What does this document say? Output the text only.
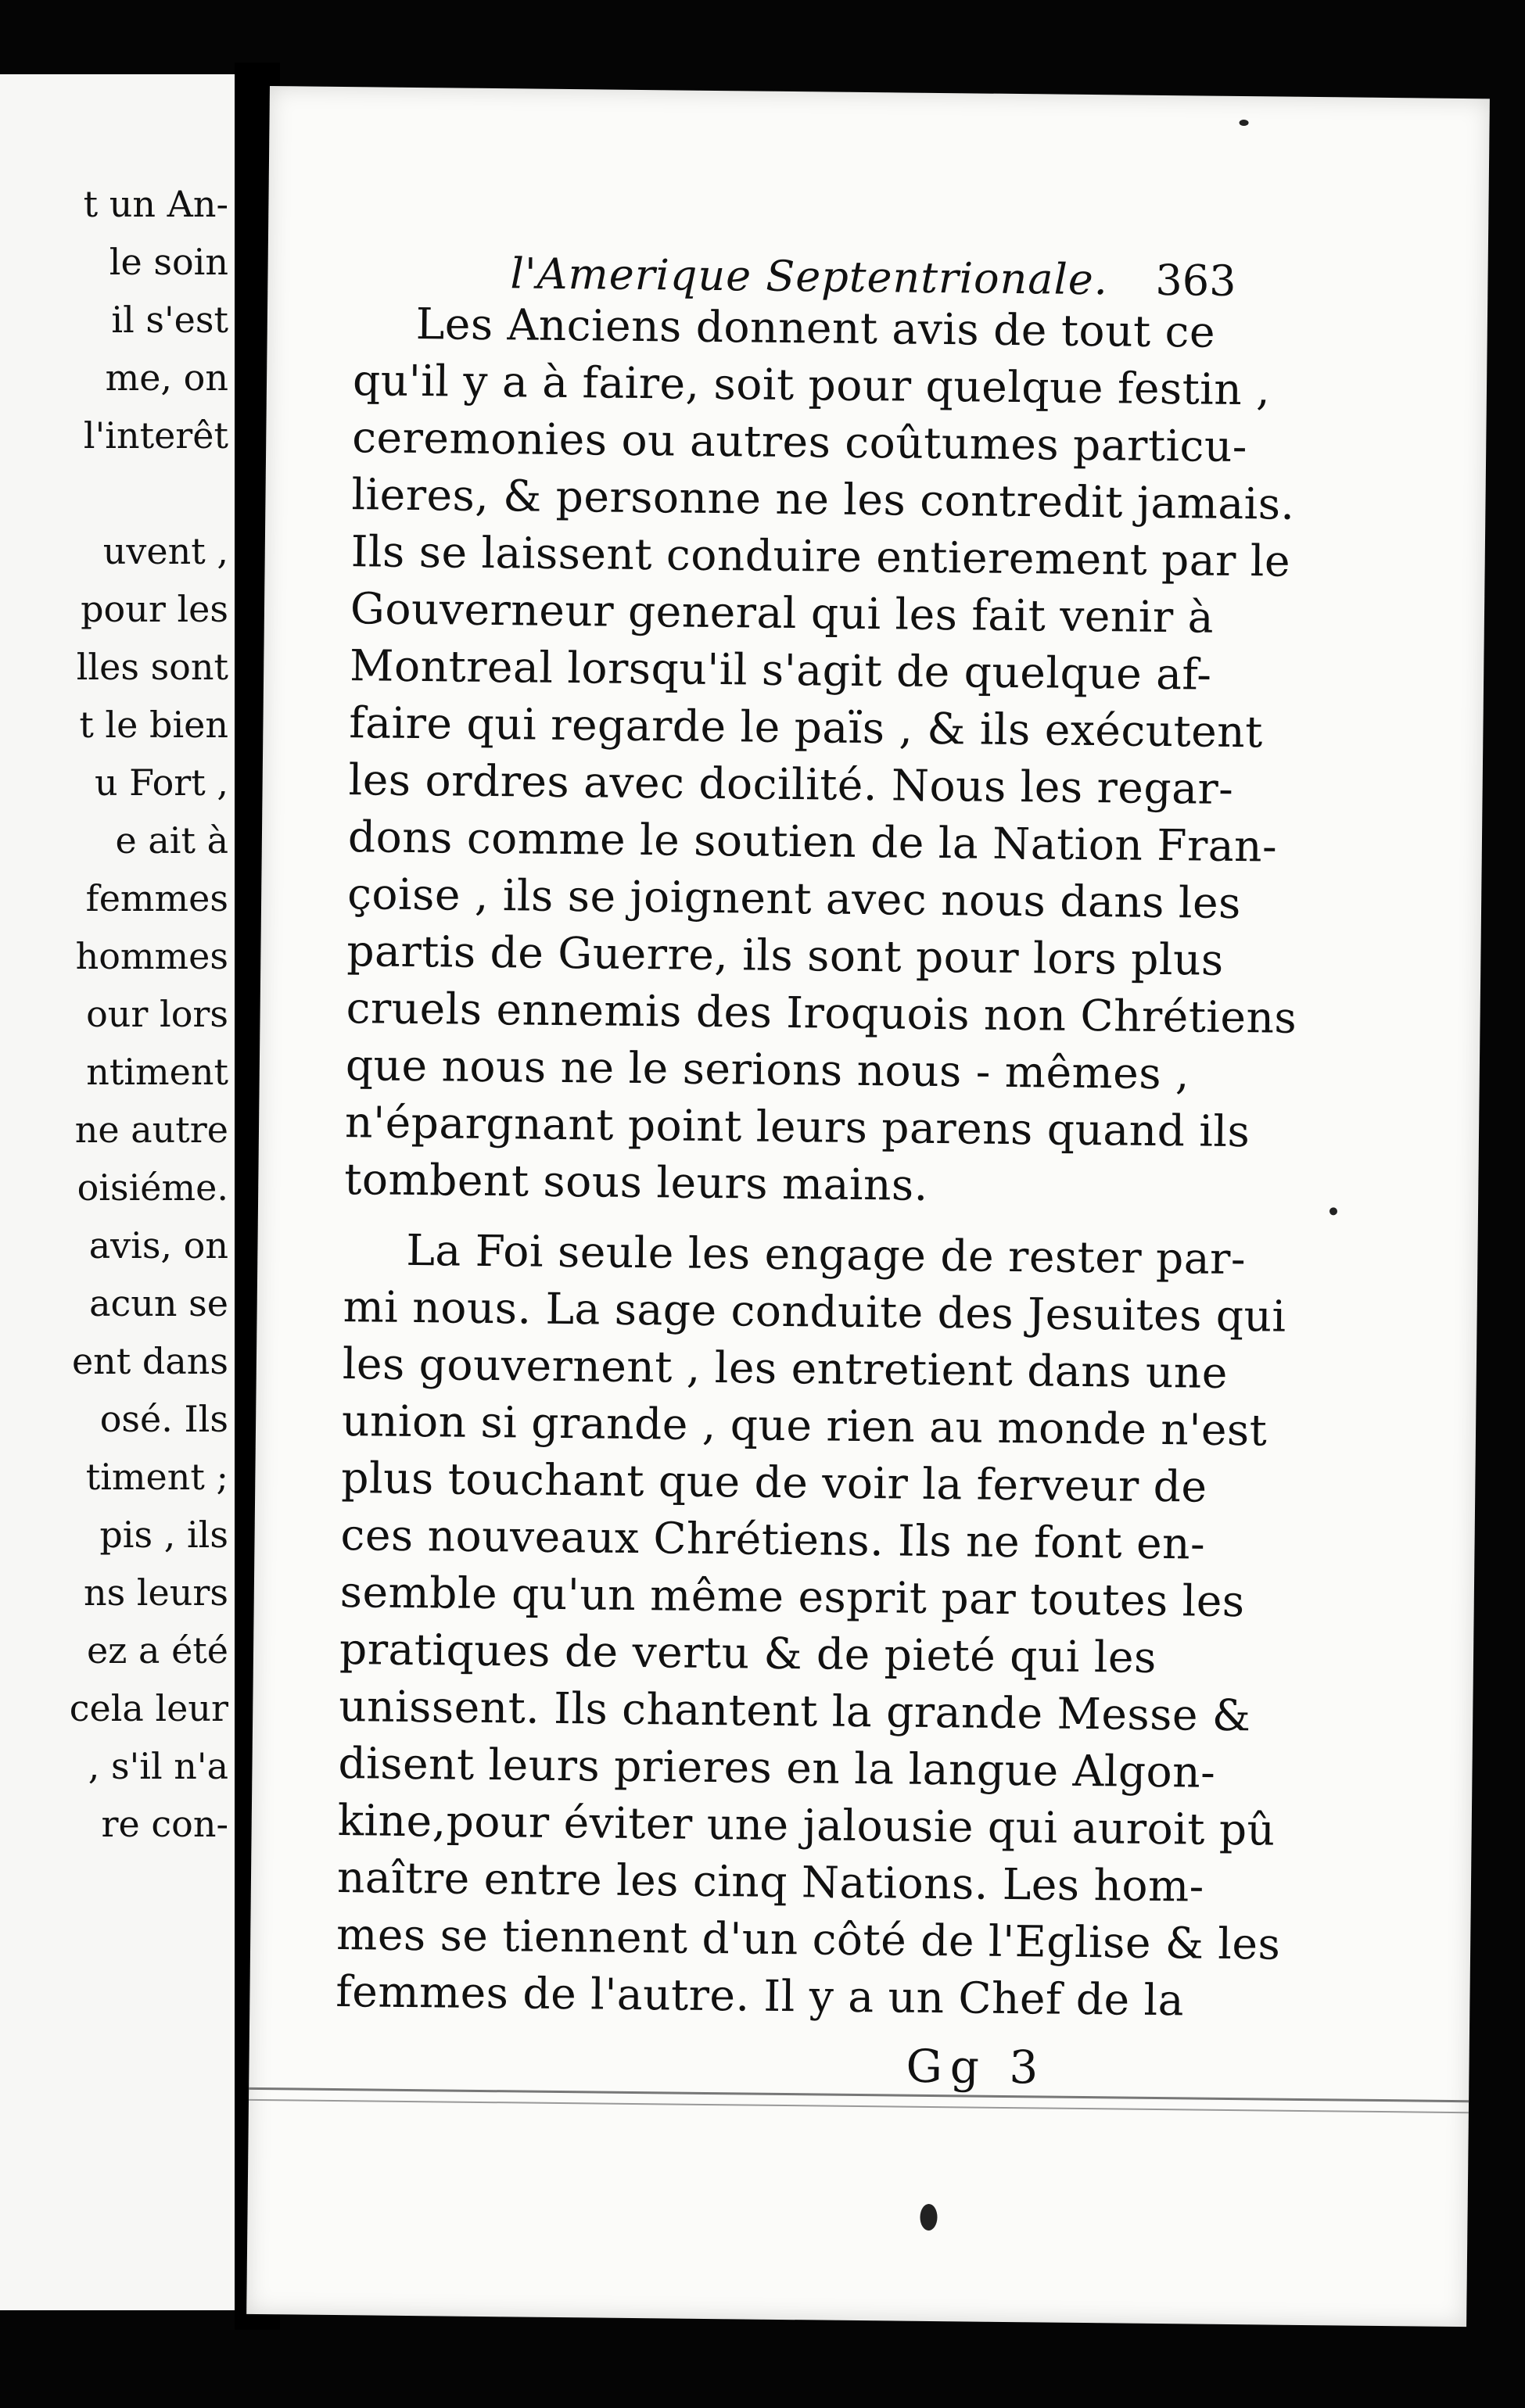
t un An-
le soin
il s'est
me, on
l'interêt
uvent ,
pour les
lles sont
t le bien
u Fort ,
e ait à
femmes
hommes
our lors
ntiment
ne autre
oisiéme.
avis, on
acun se
ent dans
osé. Ils
timent ;
pis , ils
ns leurs
ez a été
cela leur
, s'il n'a
re con-
l'Amerique Septentrionale. 363
Les Anciens donnent avis de tout ce
qu'il y a à faire, soit pour quelque festin ,
ceremonies ou autres coûtumes particu-
lieres, & personne ne les contredit jamais.
Ils se laissent conduire entierement par le
Gouverneur general qui les fait venir à
Montreal lorsqu'il s'agit de quelque af-
faire qui regarde le païs , & ils exécutent
les ordres avec docilité. Nous les regar-
dons comme le soutien de la Nation Fran-
çoise , ils se joignent avec nous dans les
partis de Guerre, ils sont pour lors plus
cruels ennemis des Iroquois non Chrétiens
que nous ne le serions nous - mêmes ,
n'épargnant point leurs parens quand ils
tombent sous leurs mains.
La Foi seule les engage de rester par-
mi nous. La sage conduite des Jesuites qui
les gouvernent , les entretient dans une
union si grande , que rien au monde n'est
plus touchant que de voir la ferveur de
ces nouveaux Chrétiens. Ils ne font en-
semble qu'un même esprit par toutes les
pratiques de vertu & de pieté qui les
unissent. Ils chantent la grande Messe &
disent leurs prieres en la langue Algon-
kine,pour éviter une jalousie qui auroit pû
naître entre les cinq Nations. Les hom-
mes se tiennent d'un côté de l'Eglise & les
femmes de l'autre. Il y a un Chef de la
Gg 3
